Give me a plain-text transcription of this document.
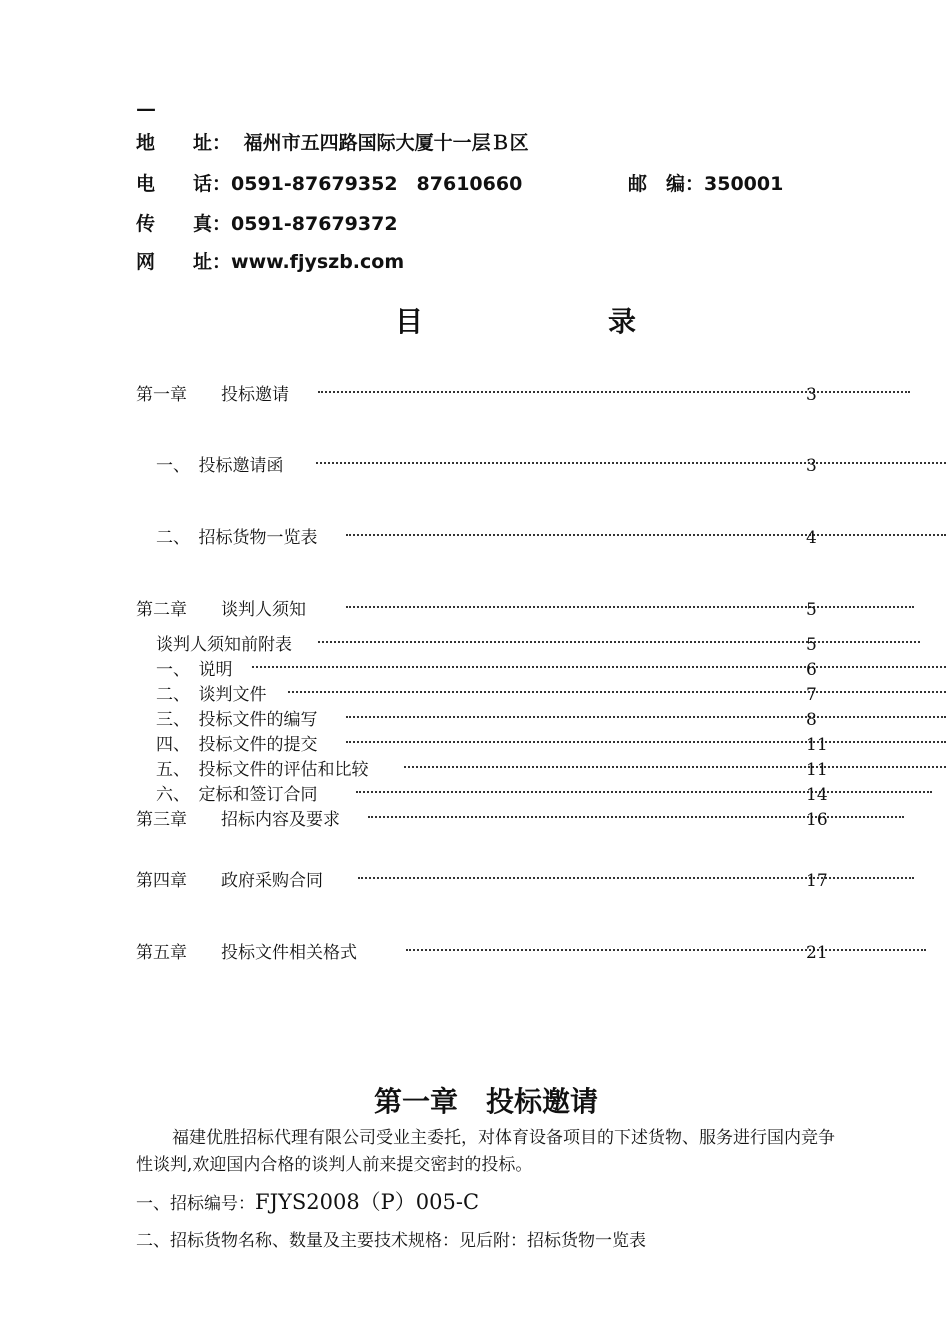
—
地　　址： 福州市五四路国际大厦十一层Ｂ区
电　　话：0591-87679352　87610660	邮　编：350001
传　　真：0591-87679372
网　　址：www.fjyszb.com
目	录
第一章　　投标邀请	3
一、　投标邀请函	3
二、　招标货物一览表	4
第二章　　谈判人须知	5
谈判人须知前附表	5
一、　说明	6
二、　谈判文件	7
三、　投标文件的编写	8
四、　投标文件的提交	11
五、　投标文件的评估和比较	11
六、　定标和签订合同	14
第三章　　招标内容及要求	16
第四章　　政府采购合同	17
第五章　　投标文件相关格式	21
第一章　投标邀请
福建优胜招标代理有限公司受业主委托，对体育设备项目的下述货物、服务进行国内竞争性谈判,欢迎国内合格的谈判人前来提交密封的投标。
一、招标编号：FJYS2008（P）005-C
二、招标货物名称、数量及主要技术规格：见后附：招标货物一览表
